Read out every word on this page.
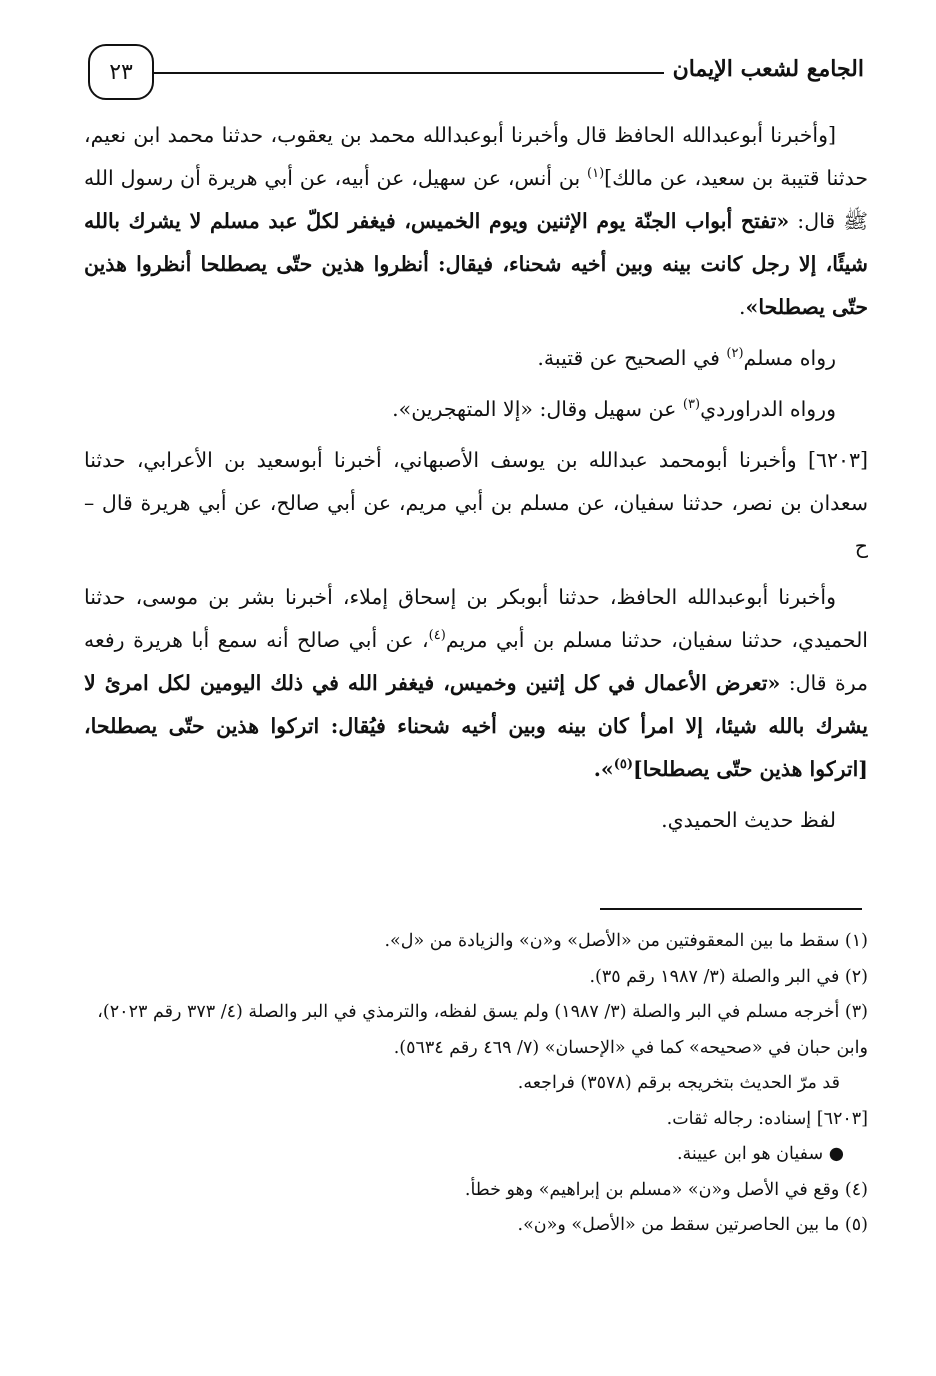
٢٣	الجامع لشعب الإيمان

[وأخبرنا أبوعبدالله الحافظ قال وأخبرنا أبوعبدالله محمد بن يعقوب، حدثنا محمد ابن نعيم، حدثنا قتيبة بن سعيد، عن مالك]$^{(١)}$ بن أنس، عن سهيل، عن أبيه، عن أبي هريرة أن رسول الله ﷺ قال: «تفتح أبواب الجنّة يوم الإثنين ويوم الخميس، فيغفر لكلّ عبد مسلم لا يشرك بالله شيئًا، إلا رجل كانت بينه وبين أخيه شحناء، فيقال: أنظروا هذين حتّى يصطلحا أنظروا هذين حتّى يصطلحا».

رواه مسلم$^{(٢)}$ في الصحيح عن قتيبة.

ورواه الدراوردي$^{(٣)}$ عن سهيل وقال: «إلا المتهجرين».

[٦٢٠٣] وأخبرنا أبومحمد عبدالله بن يوسف الأصبهاني، أخبرنا أبوسعيد بن الأعرابي، حدثنا سعدان بن نصر، حدثنا سفيان، عن مسلم بن أبي مريم، عن أبي صالح، عن أبي هريرة قال – ح

وأخبرنا أبوعبدالله الحافظ، حدثنا أبوبكر بن إسحاق إملاء، أخبرنا بشر بن موسى، حدثنا الحميدي، حدثنا سفيان، حدثنا مسلم بن أبي مريم$^{(٤)}$، عن أبي صالح أنه سمع أبا هريرة رفعه مرة قال: «تعرض الأعمال في كل إثنين وخميس، فيغفر الله في ذلك اليومين لكل امرئ لا يشرك بالله شيئا، إلا امرأ كان بينه وبين أخيه شحناء فيُقال: اتركوا هذين حتّى يصطلحا، [اتركوا هذين حتّى يصطلحا]$^{(٥)}$».

لفظ حديث الحميدي.

(١) سقط ما بين المعقوفتين من «الأصل» و«ن» والزيادة من «ل».

(٢) في البر والصلة (٣/ ١٩٨٧ رقم ٣٥).

(٣) أخرجه مسلم في البر والصلة (٣/ ١٩٨٧) ولم يسق لفظه، والترمذي في البر والصلة (٤/ ٣٧٣ رقم ٢٠٢٣)، وابن حبان في «صحيحه» كما في «الإحسان» (٧/ ٤٦٩ رقم ٥٦٣٤).

قد مرّ الحديث بتخريجه برقم (٣٥٧٨) فراجعه.

[٦٢٠٣] إسناده: رجاله ثقات.

● سفيان هو ابن عيينة.

(٤) وقع في الأصل و«ن» «مسلم بن إبراهيم» وهو خطأ.

(٥) ما بين الحاصرتين سقط من «الأصل» و«ن».
